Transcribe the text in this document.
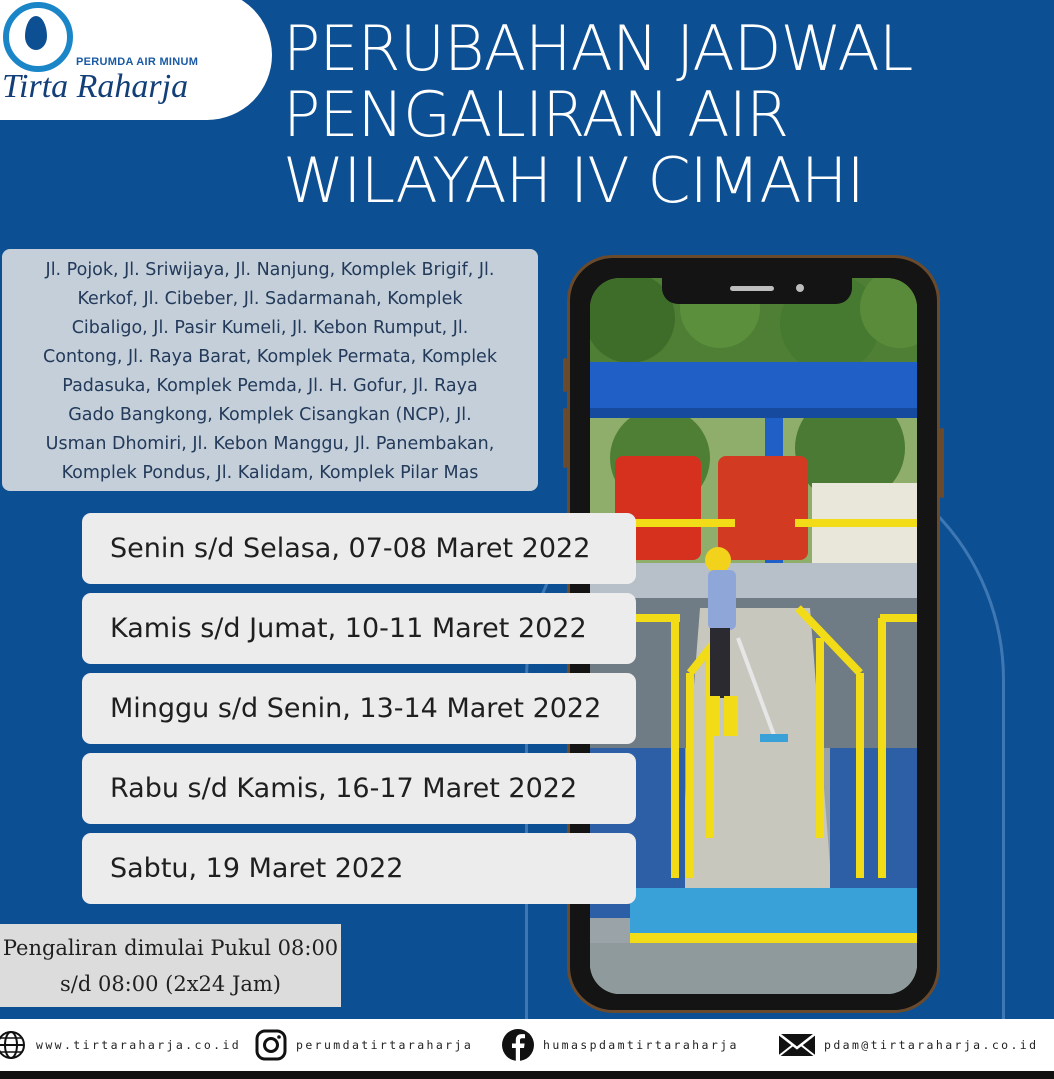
PERUMDA AIR MINUM
Tirta Raharja
PERUBAHAN JADWAL
PENGALIRAN AIR
WILAYAH IV CIMAHI
Jl. Pojok, Jl. Sriwijaya, Jl. Nanjung, Komplek Brigif, Jl.
Kerkof, Jl. Cibeber, Jl. Sadarmanah, Komplek
Cibaligo, Jl. Pasir Kumeli, Jl. Kebon Rumput, Jl.
Contong, Jl. Raya Barat, Komplek Permata, Komplek
Padasuka, Komplek Pemda, Jl. H. Gofur, Jl. Raya
Gado Bangkong, Komplek Cisangkan (NCP), Jl.
Usman Dhomiri, Jl. Kebon Manggu, Jl. Panembakan,
Komplek Pondus, Jl. Kalidam, Komplek Pilar Mas
Senin s/d Selasa, 07-08 Maret 2022
Kamis s/d Jumat, 10-11 Maret 2022
Minggu s/d Senin, 13-14 Maret 2022
Rabu s/d Kamis, 16-17 Maret 2022
Sabtu, 19 Maret 2022
Pengaliran dimulai Pukul 08:00
s/d 08:00 (2x24 Jam)
www.tirtaraharja.co.id	perumdatirtaraharja	humaspdamtirtaraharja	pdam@tirtaraharja.co.id
